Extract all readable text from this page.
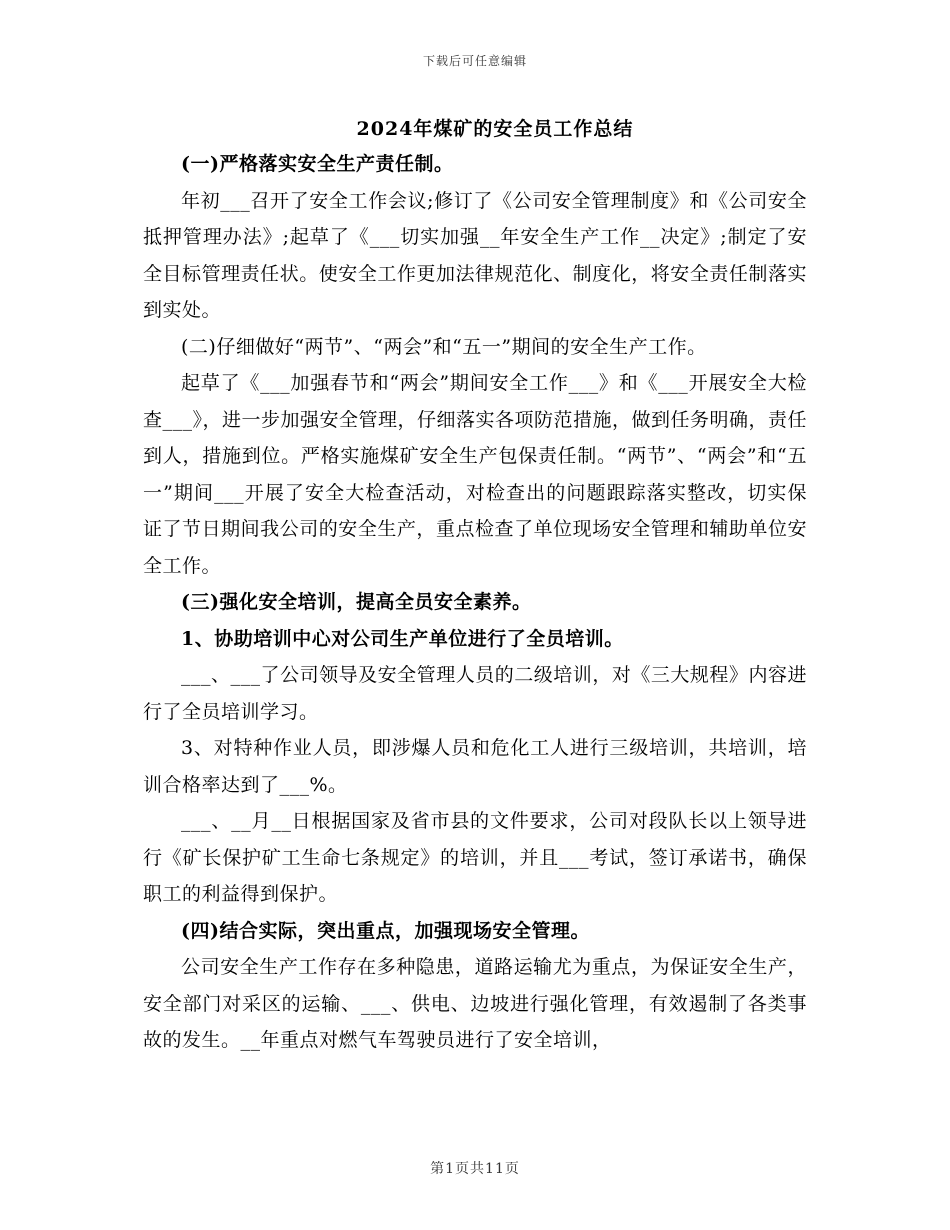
下载后可任意编辑
2024年煤矿的安全员工作总结

(一)严格落实安全生产责任制。

年初___召开了安全工作会议;修订了《公司安全管理制度》和《公司安全抵押管理办法》;起草了《___切实加强__年安全生产工作__决定》;制定了安全目标管理责任状。使安全工作更加法律规范化、制度化，将安全责任制落实到实处。

(二)仔细做好“两节”、“两会”和“五一”期间的安全生产工作。

起草了《___加强春节和“两会”期间安全工作___》和《___开展安全大检查___》，进一步加强安全管理，仔细落实各项防范措施，做到任务明确，责任到人，措施到位。严格实施煤矿安全生产包保责任制。“两节”、“两会”和“五一”期间___开展了安全大检查活动，对检查出的问题跟踪落实整改，切实保证了节日期间我公司的安全生产，重点检查了单位现场安全管理和辅助单位安全工作。

(三)强化安全培训，提高全员安全素养。

1、协助培训中心对公司生产单位进行了全员培训。

___、___了公司领导及安全管理人员的二级培训，对《三大规程》内容进行了全员培训学习。

3、对特种作业人员，即涉爆人员和危化工人进行三级培训，共培训，培训合格率达到了___%。

___、__月__日根据国家及省市县的文件要求，公司对段队长以上领导进行《矿长保护矿工生命七条规定》的培训，并且___考试，签订承诺书，确保职工的利益得到保护。

(四)结合实际，突出重点，加强现场安全管理。

公司安全生产工作存在多种隐患，道路运输尤为重点，为保证安全生产，安全部门对采区的运输、___、供电、边坡进行强化管理，有效遏制了各类事故的发生。__年重点对燃气车驾驶员进行了安全培训，

第1页共11页
